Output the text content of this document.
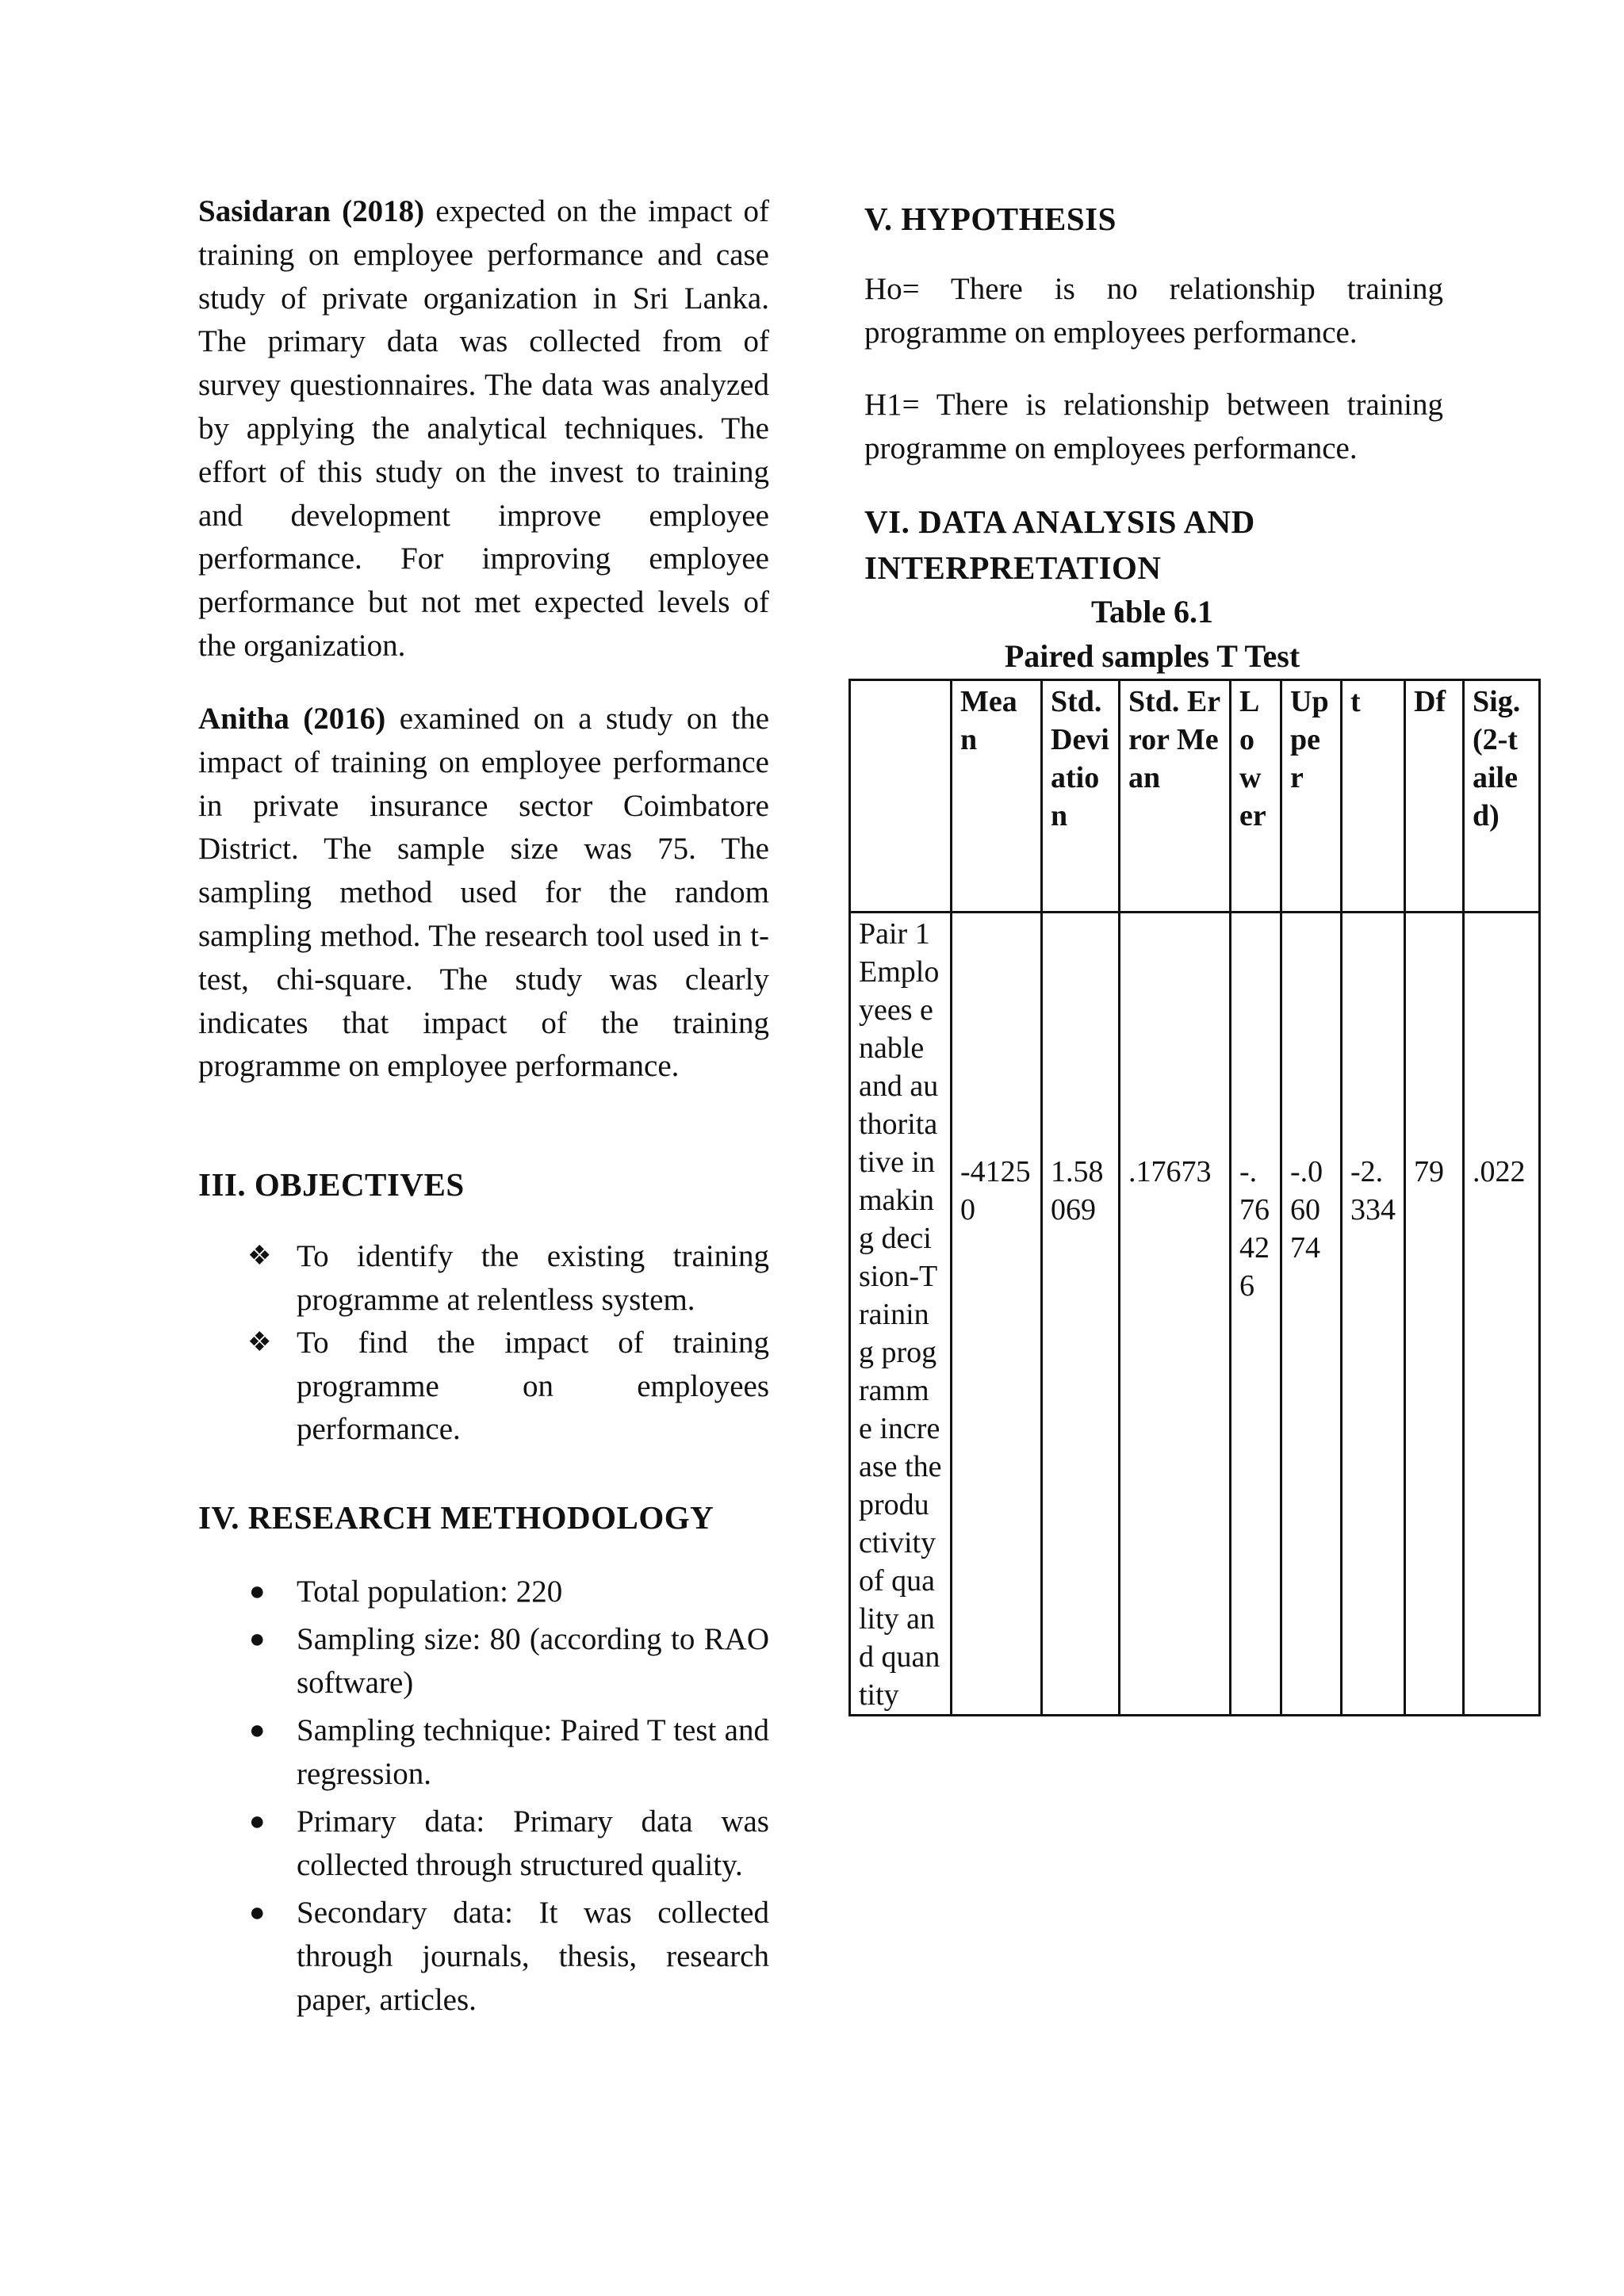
Sasidaran (2018) expected on the impact of training on employee performance and case study of private organization in Sri Lanka. The primary data was collected from of survey questionnaires. The data was analyzed by applying the analytical techniques. The effort of this study on the invest to training and development improve employee performance. For improving employee performance but not met expected levels of the organization.

Anitha (2016) examined on a study on the impact of training on employee performance in private insurance sector Coimbatore District. The sample size was 75. The sampling method used for the random sampling method. The research tool used in t-test, chi-square. The study was clearly indicates that impact of the training programme on employee performance.

III. OBJECTIVES
❖ To identify the existing training programme at relentless system.
❖ To find the impact of training programme on employees performance.
IV. RESEARCH METHODOLOGY
● Total population: 220
● Sampling size: 80 (according to RAO software)
● Sampling technique: Paired T test and regression.
● Primary data: Primary data was collected through structured quality.
● Secondary data: It was collected through journals, thesis, research paper, articles.
V. HYPOTHESIS

Ho= There is no relationship training programme on employees performance.

H1= There is relationship between training programme on employees performance.

VI. DATA ANALYSIS AND
INTERPRETATION
Table 6.1
Paired samples T Test
	Mean	Std. Deviation	Std. Error Mean	Lower	Upper	t	Df	Sig.(2-tailed)
Pair 1 Employees enable and authoritative in making decision-Training programme increase the productivity of quality and quantity	-41250	1.58069	.17673	-.76426	-.06074	-2.334	79	.022
